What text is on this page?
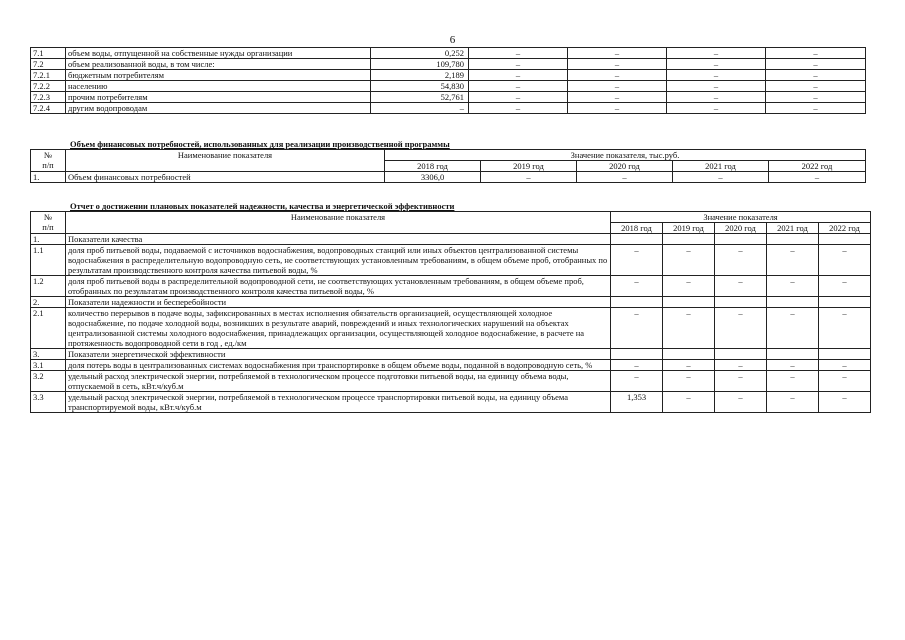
6
7.1	объем воды, отпущенной на собственные нужды организации	0,252	–	–	–	–
7.2	объем реализованной воды, в том числе:	109,780	–	–	–	–
7.2.1	бюджетным потребителям	2,189	–	–	–	–
7.2.2	населению	54,830	–	–	–	–
7.2.3	прочим потребителям	52,761	–	–	–	–
7.2.4	другим водопроводам	–	–	–	–	–
Объем финансовых потребностей, использованных для реализации производственной программы
№
п/п	Наименование показателя	Значение показателя, тыс.руб.				
		2018 год	2019 год	2020 год	2021 год	2022 год
1.	Объем финансовых потребностей	3306,0	–	–	–	–
Отчет о достижении плановых показателей надежности, качества и энергетической эффективности
№
п/п	Наименование показателя	Значение показателя				
		2018 год	2019 год	2020 год	2021 год	2022 год
1.	Показатели качества					
1.1	доля проб питьевой воды, подаваемой с источников водоснабжения, водопроводных станций или иных объектов централизованной системы водоснабжения в распределительную водопроводную сеть, не соответствующих установленным требованиям, в общем объеме проб, отобранных по результатам производственного контроля качества питьевой воды, %	–	–	–	–	–
1.2	доля проб питьевой воды в распределительной водопроводной сети, не соответствующих установленным требованиям, в общем объеме проб, отобранных по результатам производственного контроля качества питьевой воды, %	–	–	–	–	–
2.	Показатели надежности и бесперебойности					
2.1	количество перерывов в подаче воды, зафиксированных в местах исполнения обязательств организацией, осуществляющей холодное водоснабжение, по подаче холодной воды, возникших в результате аварий, повреждений и иных технологических нарушений на объектах централизованной системы холодного водоснабжения, принадлежащих организации, осуществляющей холодное водоснабжение, в расчете на протяженность водопроводной сети в год , ед./км	–	–	–	–	–
3.	Показатели энергетической эффективности					
3.1	доля потерь воды в централизованных системах водоснабжения при транспортировке в общем объеме воды, поданной в водопроводную сеть, %	–	–	–	–	–
3.2	удельный расход электрической энергии, потребляемой в технологическом процессе подготовки питьевой воды, на единицу объема воды, отпускаемой в сеть, кВт.ч/куб.м	–	–	–	–	–
3.3	удельный расход электрической энергии, потребляемой в технологическом процессе транспортировки питьевой воды, на единицу объема транспортируемой воды, кВт.ч/куб.м	1,353	–	–	–	–
